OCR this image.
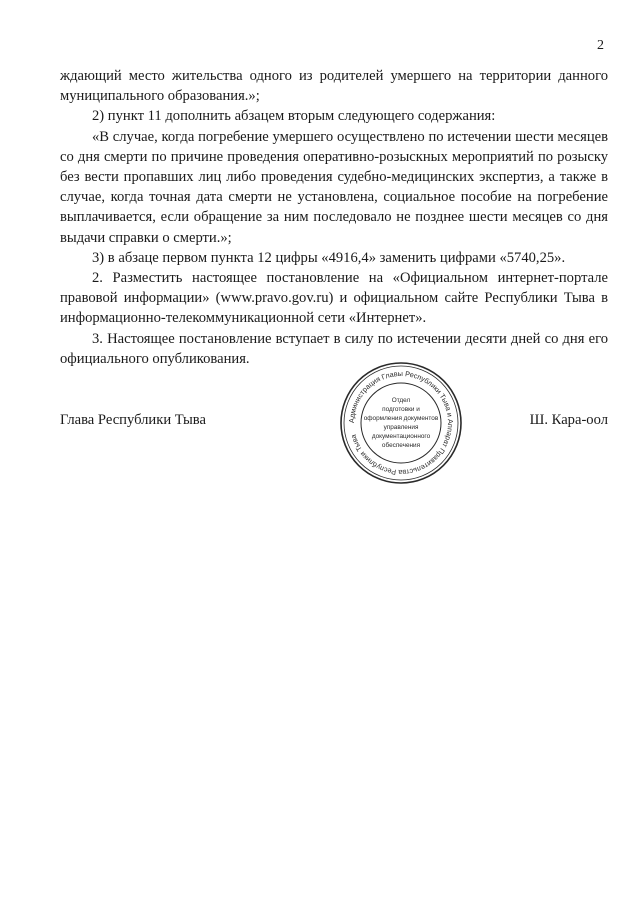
2

ждающий место жительства одного из родителей умершего на территории данного муниципального образования.»;

2) пункт 11 дополнить абзацем вторым следующего содержания:

«В случае, когда погребение умершего осуществлено по истечении шести месяцев со дня смерти по причине проведения оперативно-розыскных мероприятий по розыску без вести пропавших лиц либо проведения судебно-медицинских экспертиз, а также в случае, когда точная дата смерти не установлена, социальное пособие на погребение выплачивается, если обращение за ним последовало не позднее шести месяцев со дня выдачи справки о смерти.»;

3) в абзаце первом пункта 12 цифры «4916,4» заменить цифрами «5740,25».

2. Разместить настоящее постановление на «Официальном интернет-портале правовой информации» (www.pravo.gov.ru) и официальном сайте Республики Тыва в информационно-телекоммуникационной сети «Интернет».

3. Настоящее постановление вступает в силу по истечении десяти дней со дня его официального опубликования.

Глава Республики Тыва	Ш. Кара-оол
Администрация Главы Республики Тыва и Аппарат Правительства Республики Тыва
Отдел
подготовки и
оформления документов
управления
документационного
обеспечения
